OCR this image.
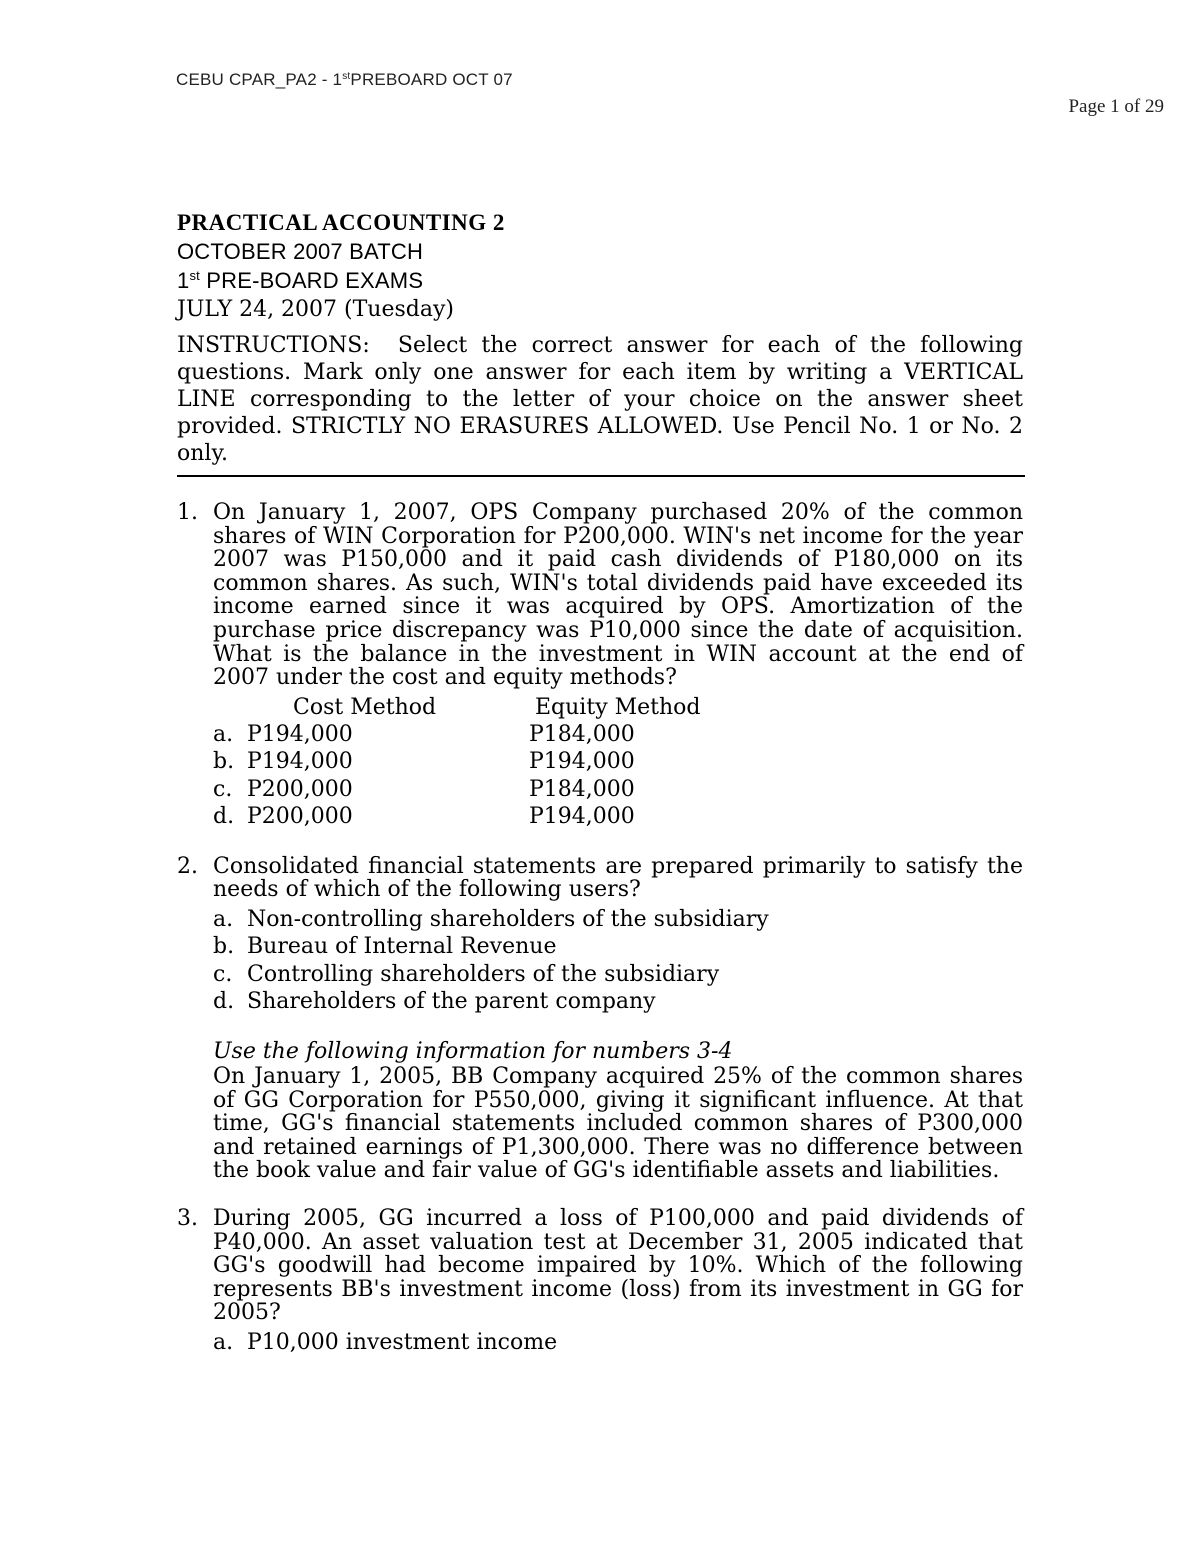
CEBU CPAR_PA2 - 1stPREBOARD OCT 07
Page 1 of 29
PRACTICAL ACCOUNTING 2
OCTOBER 2007 BATCH
1st PRE-BOARD EXAMS
JULY 24, 2007 (Tuesday)
INSTRUCTIONS: Select the correct answer for each of the following questions. Mark only one answer for each item by writing a VERTICAL LINE corresponding to the letter of your choice on the answer sheet provided. STRICTLY NO ERASURES ALLOWED. Use Pencil No. 1 or No. 2 only.
1. On January 1, 2007, OPS Company purchased 20% of the common shares of WIN Corporation for P200,000. WIN's net income for the year 2007 was P150,000 and it paid cash dividends of P180,000 on its common shares. As such, WIN's total dividends paid have exceeded its income earned since it was acquired by OPS. Amortization of the purchase price discrepancy was P10,000 since the date of acquisition. What is the balance in the investment in WIN account at the end of 2007 under the cost and equity methods?
Cost Method	Equity Method
a. P194,000	P184,000
b. P194,000	P194,000
c. P200,000	P184,000
d. P200,000	P194,000
2. Consolidated financial statements are prepared primarily to satisfy the needs of which of the following users?
a. Non-controlling shareholders of the subsidiary
b. Bureau of Internal Revenue
c. Controlling shareholders of the subsidiary
d. Shareholders of the parent company
Use the following information for numbers 3-4
On January 1, 2005, BB Company acquired 25% of the common shares of GG Corporation for P550,000, giving it significant influence. At that time, GG's financial statements included common shares of P300,000 and retained earnings of P1,300,000. There was no difference between the book value and fair value of GG's identifiable assets and liabilities.
3. During 2005, GG incurred a loss of P100,000 and paid dividends of P40,000. An asset valuation test at December 31, 2005 indicated that GG's goodwill had become impaired by 10%. Which of the following represents BB's investment income (loss) from its investment in GG for 2005?
a. P10,000 investment income
